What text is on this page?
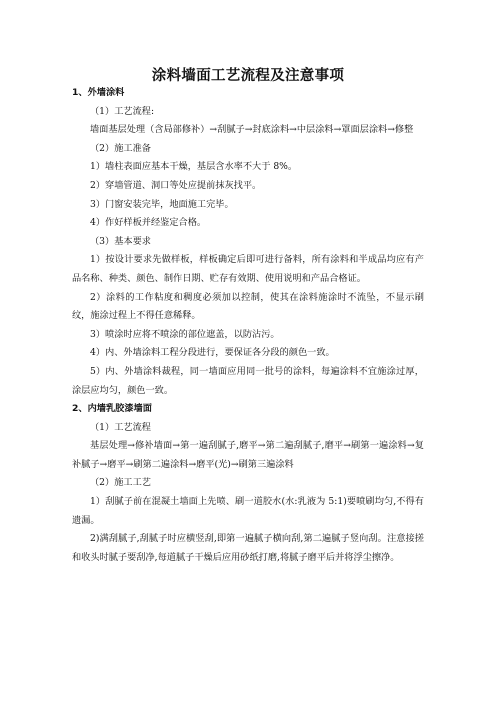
涂料墙面工艺流程及注意事项

1、外墙涂料

（1）工艺流程:

墙面基层处理（含局部修补）→刮腻子→封底涂料→中层涂料→罩面层涂料→修整

（2）施工准备

1）墙柱表面应基本干燥，基层含水率不大于 8%。

2）穿墙管道、洞口等处应提前抹灰找平。

3）门窗安装完毕，地面施工完毕。

4）作好样板并经鉴定合格。

（3）基本要求

1）按设计要求先做样板，样板确定后即可进行备料，所有涂料和半成品均应有产品名称、种类、颜色、制作日期、贮存有效期、使用说明和产品合格证。

2）涂料的工作粘度和稠度必须加以控制，使其在涂料施涂时不流坠，不显示刷纹，施涂过程上不得任意稀释。

3）喷涂时应将不喷涂的部位遮盖，以防沾污。

4）内、外墙涂料工程分段进行，要保证各分段的颜色一致。

5）内、外墙涂料裁程，同一墙面应用同一批号的涂料，每遍涂料不宜施涂过厚，涂层应均匀，颜色一致。

2、内墙乳胶漆墙面

（1）工艺流程

基层处理→修补墙面→第一遍刮腻子,磨平→第二遍刮腻子,磨平→刷第一遍涂料→复补腻子→磨平→刷第二遍涂料→磨平(光)→刷第三遍涂料

（2）施工工艺

1）刮腻子前在混凝土墙面上先喷、刷一道胶水(水:乳液为 5:1)要喷刷均匀,不得有遗漏。

2)满刮腻子,刮腻子时应横竖刮,即第一遍腻子横向刮,第二遍腻子竖向刮。注意接搓和收头时腻子要刮净,每道腻子干燥后应用砂纸打磨,将腻子磨平后并将浮尘擦净。
